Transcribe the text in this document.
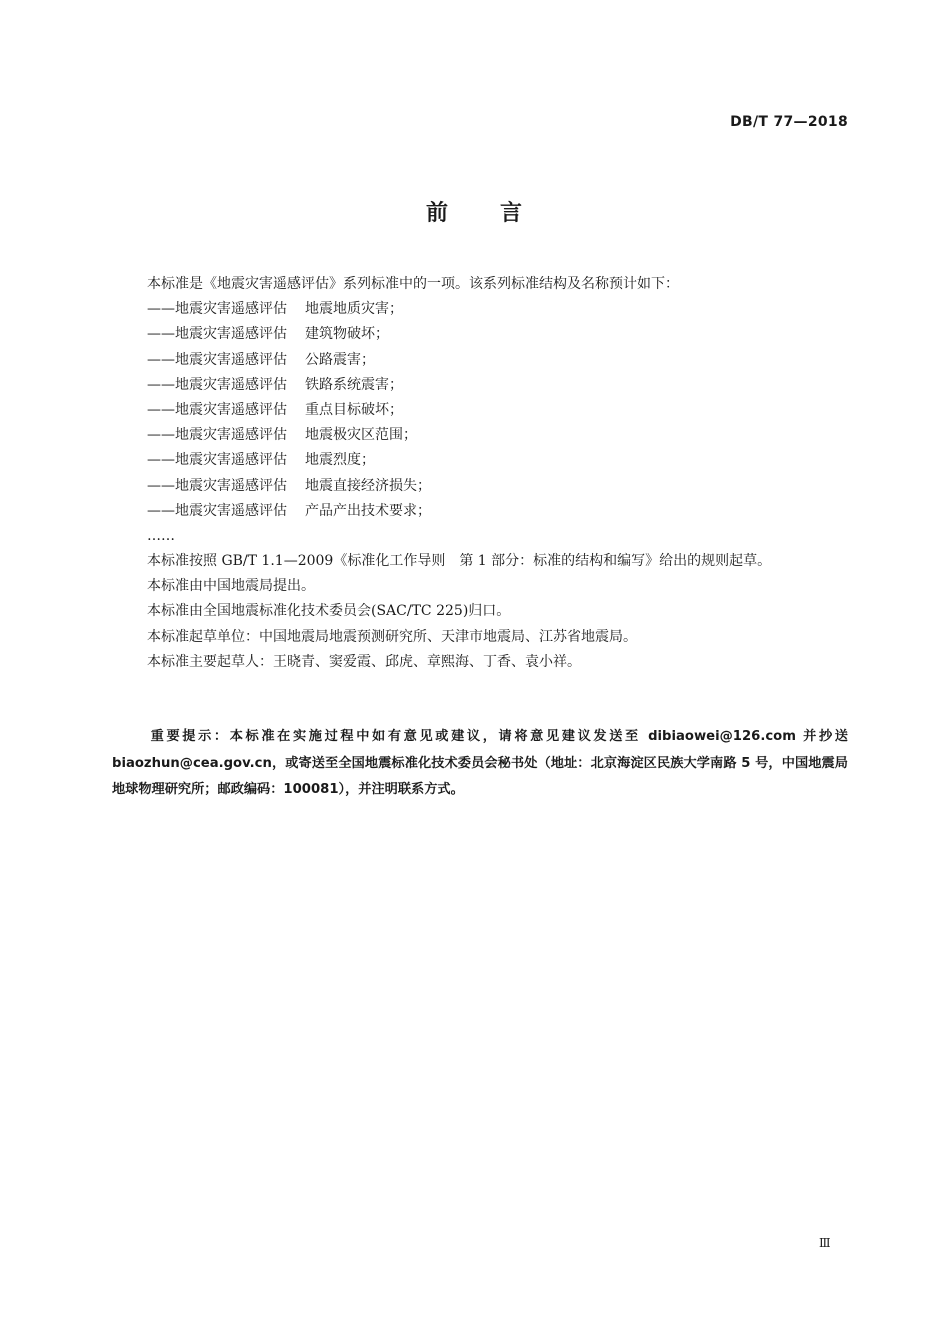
DB/T 77—2018
前 言
本标准是《地震灾害遥感评估》系列标准中的一项。该系列标准结构及名称预计如下：
——地震灾害遥感评估 地震地质灾害；
——地震灾害遥感评估 建筑物破坏；
——地震灾害遥感评估 公路震害；
——地震灾害遥感评估 铁路系统震害；
——地震灾害遥感评估 重点目标破坏；
——地震灾害遥感评估 地震极灾区范围；
——地震灾害遥感评估 地震烈度；
——地震灾害遥感评估 地震直接经济损失；
——地震灾害遥感评估 产品产出技术要求；
……
本标准按照 GB/T 1.1—2009《标准化工作导则　第 1 部分：标准的结构和编写》给出的规则起草。
本标准由中国地震局提出。
本标准由全国地震标准化技术委员会(SAC/TC 225)归口。
本标准起草单位：中国地震局地震预测研究所、天津市地震局、江苏省地震局。
本标准主要起草人：王晓青、窦爱霞、邱虎、章熙海、丁香、袁小祥。
重要提示：本标准在实施过程中如有意见或建议，请将意见建议发送至 dibiaowei@126.com 并抄送 biaozhun@cea.gov.cn，或寄送至全国地震标准化技术委员会秘书处（地址：北京海淀区民族大学南路 5 号，中国地震局地球物理研究所；邮政编码：100081），并注明联系方式。
Ⅲ
